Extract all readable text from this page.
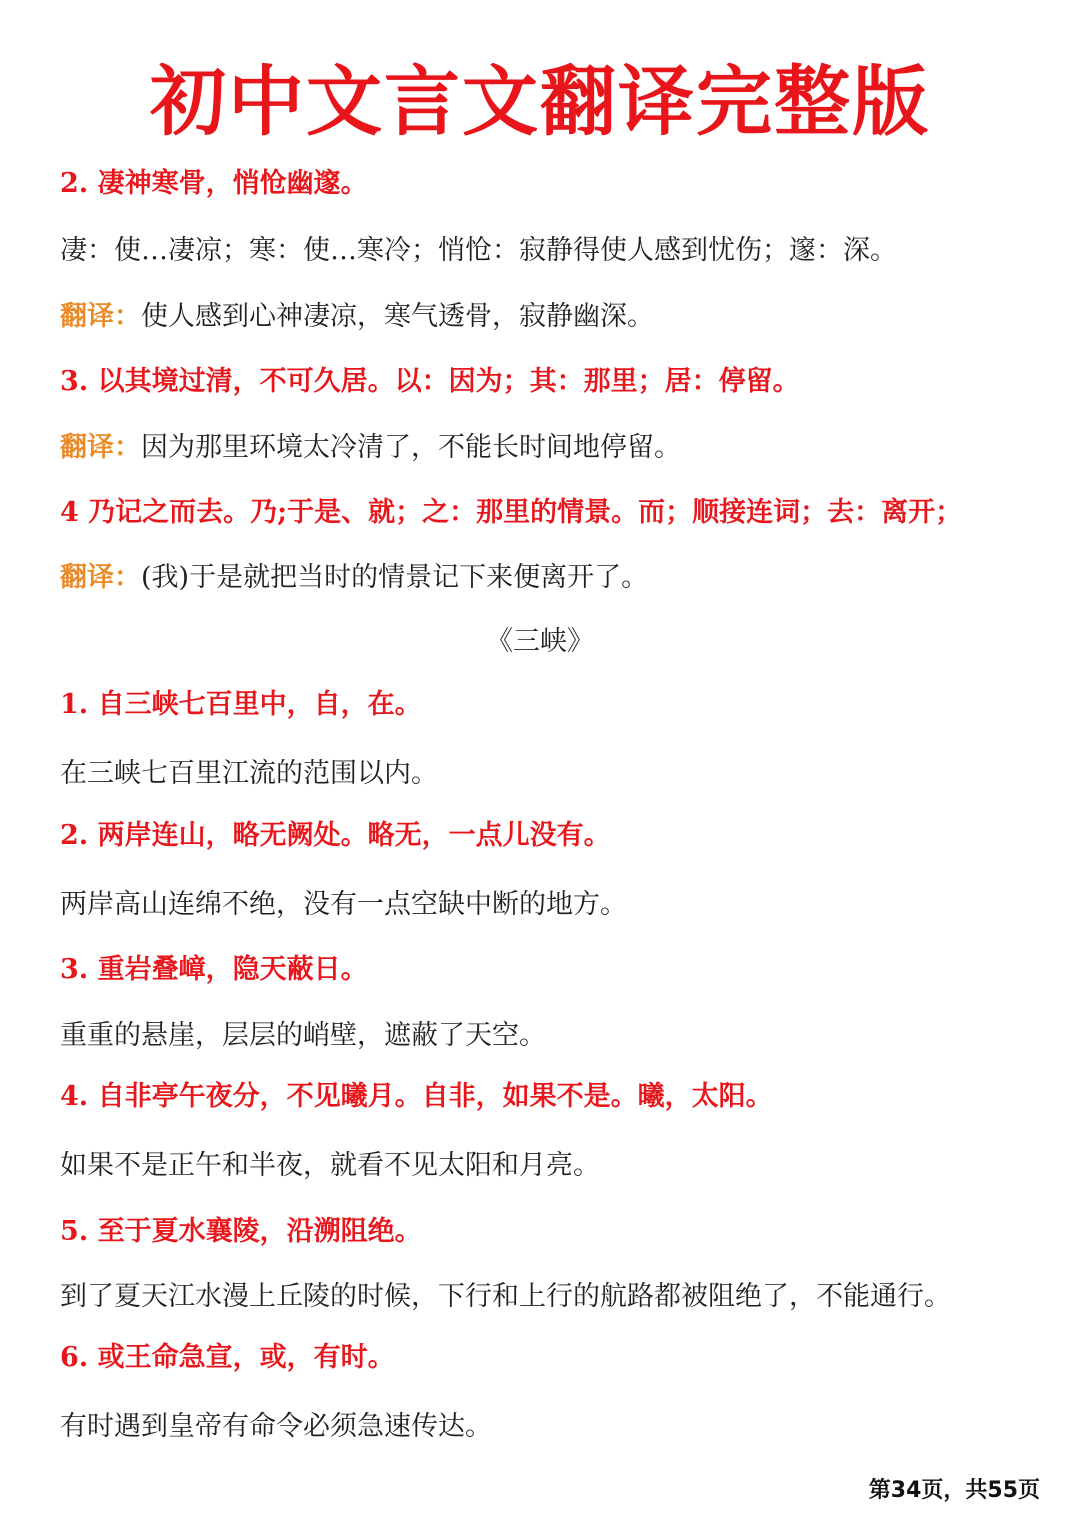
初中文言文翻译完整版
2. 凄神寒骨，悄怆幽邃。
凄：使…凄凉；寒：使…寒冷；悄怆：寂静得使人感到忧伤；邃：深。
翻译：使人感到心神凄凉，寒气透骨，寂静幽深。
3. 以其境过清，不可久居。以：因为；其：那里；居：停留。
翻译：因为那里环境太冷清了，不能长时间地停留。
4 乃记之而去。乃;于是、就；之：那里的情景。而；顺接连词；去：离开；
翻译：(我)于是就把当时的情景记下来便离开了。
《三峡》
1. 自三峡七百里中，自，在。
在三峡七百里江流的范围以内。
2. 两岸连山，略无阙处。略无，一点儿没有。
两岸高山连绵不绝，没有一点空缺中断的地方。
3. 重岩叠嶂，隐天蔽日。
重重的悬崖，层层的峭壁，遮蔽了天空。
4. 自非亭午夜分，不见曦月。自非，如果不是。曦，太阳。
如果不是正午和半夜，就看不见太阳和月亮。
5. 至于夏水襄陵，沿溯阻绝。
到了夏天江水漫上丘陵的时候，下行和上行的航路都被阻绝了，不能通行。
6. 或王命急宣，或，有时。
有时遇到皇帝有命令必须急速传达。
第34页，共55页
